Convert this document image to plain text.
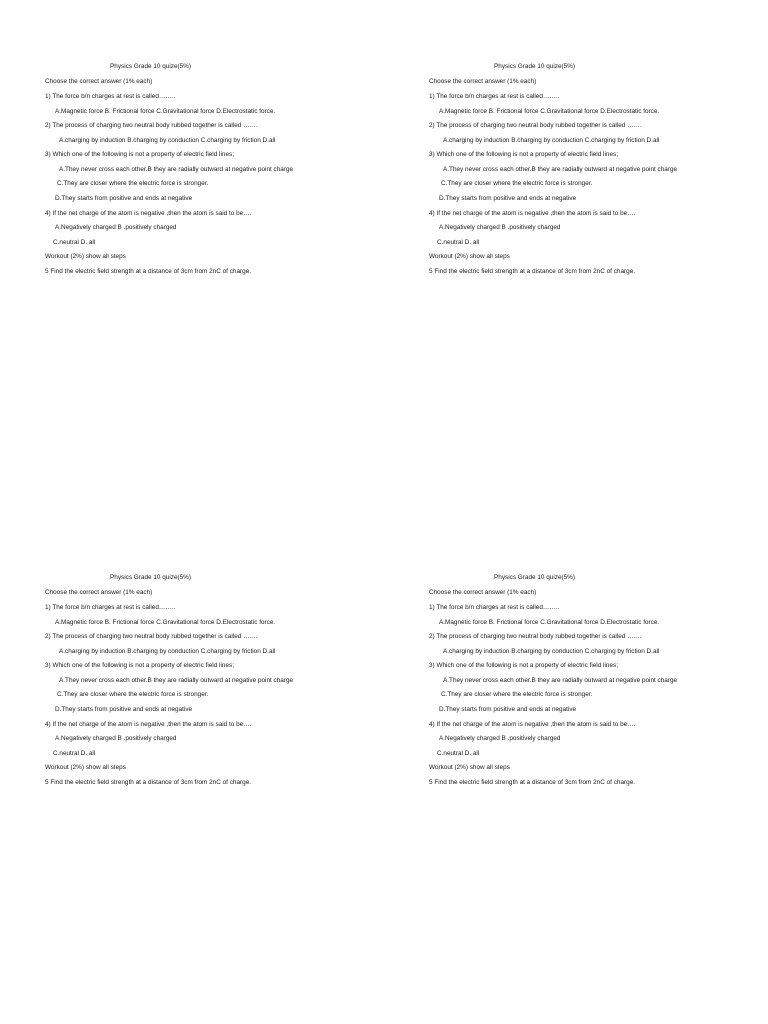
Physics Grade 10 quize(5%)
Choose the correct answer (1% each)
1) The force b/n charges at rest is called……..
A.Magnetic force B. Frictional force C.Gravitational force D.Electrostatic force.
2) The process of charging two neutral body rubbed together is called …….
A.charging by induction B.charging by conduction C.charging by friction D.all
3) Which one of the following is not a property of electric field lines;
A.They never cross each other.B they are radially outward at negative point charge
C.They are closer where the electric force is stronger.
D.They starts from positive and ends at negative
4) If the net charge of the atom is negative ,then the atom is said to be….
A.Negatively charged B .positively charged
C.neutral D. all
Workout (2%) show all steps
5 Find the electric field strength at a distance of 3cm from 2nC of charge.
Physics Grade 10 quize(5%)
Choose the correct answer (1% each)
1) The force b/n charges at rest is called……..
A.Magnetic force B. Frictional force C.Gravitational force D.Electrostatic force.
2) The process of charging two neutral body rubbed together is called …….
A.charging by induction B.charging by conduction C.charging by friction D.all
3) Which one of the following is not a property of electric field lines;
A.They never cross each other.B they are radially outward at negative point charge
C.They are closer where the electric force is stronger.
D.They starts from positive and ends at negative
4) If the net charge of the atom is negative ,then the atom is said to be….
A.Negatively charged B .positively charged
C.neutral D. all
Workout (2%) show all steps
5 Find the electric field strength at a distance of 3cm from 2nC of charge.
Physics Grade 10 quize(5%)
Choose the correct answer (1% each)
1) The force b/n charges at rest is called……..
A.Magnetic force B. Frictional force C.Gravitational force D.Electrostatic force.
2) The process of charging two neutral body rubbed together is called …….
A.charging by induction B.charging by conduction C.charging by friction D.all
3) Which one of the following is not a property of electric field lines;
A.They never cross each other.B they are radially outward at negative point charge
C.They are closer where the electric force is stronger.
D.They starts from positive and ends at negative
4) If the net charge of the atom is negative ,then the atom is said to be….
A.Negatively charged B .positively charged
C.neutral D. all
Workout (2%) show all steps
5 Find the electric field strength at a distance of 3cm from 2nC of charge.
Physics Grade 10 quize(5%)
Choose the correct answer (1% each)
1) The force b/n charges at rest is called……..
A.Magnetic force B. Frictional force C.Gravitational force D.Electrostatic force.
2) The process of charging two neutral body rubbed together is called …….
A.charging by induction B.charging by conduction C.charging by friction D.all
3) Which one of the following is not a property of electric field lines;
A.They never cross each other.B they are radially outward at negative point charge
C.They are closer where the electric force is stronger.
D.They starts from positive and ends at negative
4) If the net charge of the atom is negative ,then the atom is said to be….
A.Negatively charged B .positively charged
C.neutral D. all
Workout (2%) show all steps
5 Find the electric field strength at a distance of 3cm from 2nC of charge.
